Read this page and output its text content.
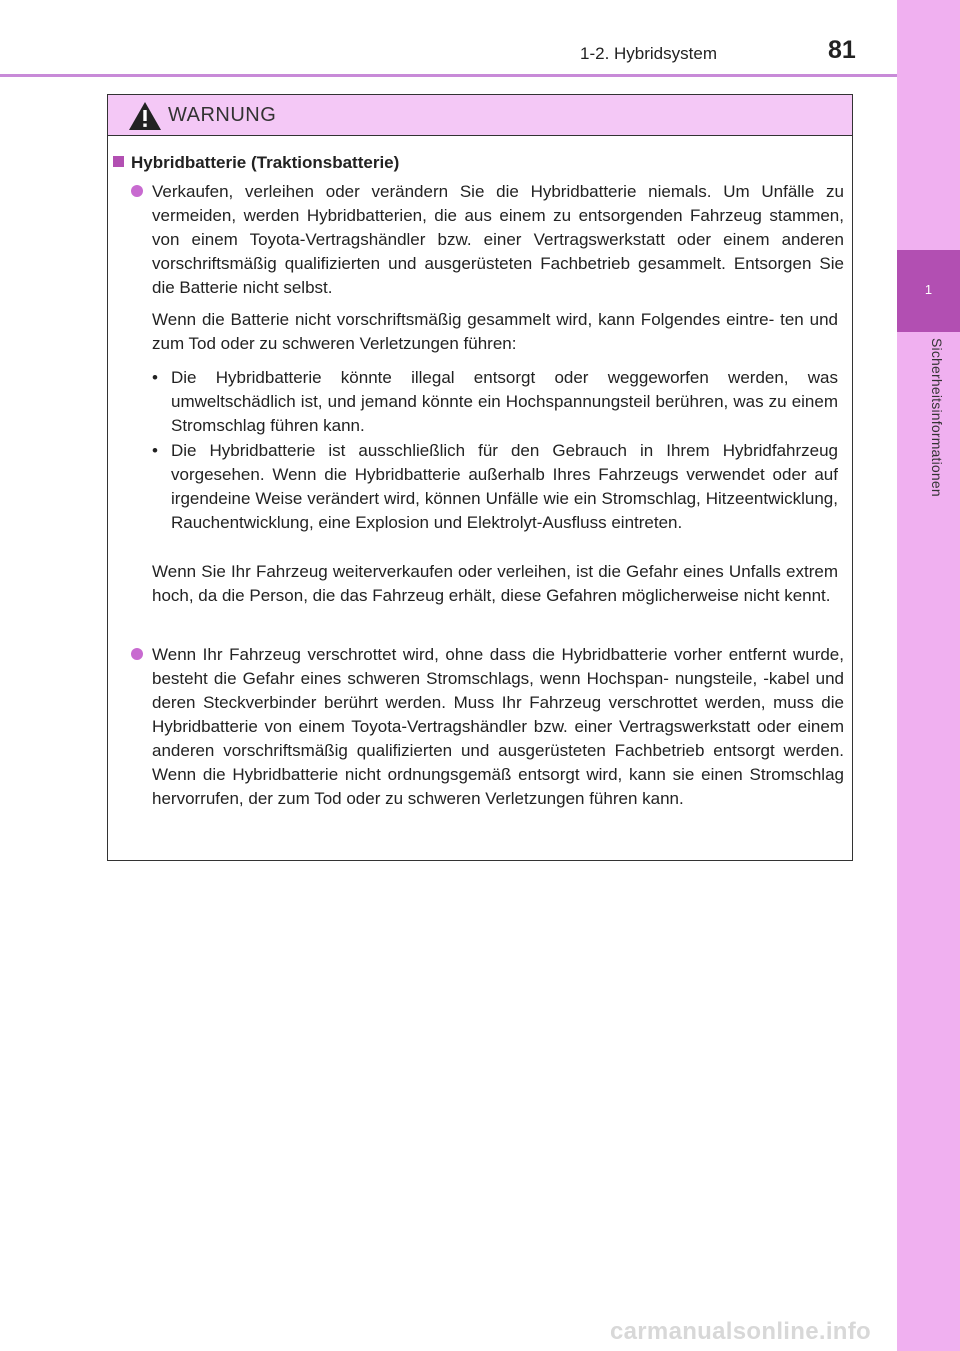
1
Sicherheitsinformationen
1-2. Hybridsystem	81
WARNUNG
Hybridbatterie (Traktionsbatterie)
Verkaufen, verleihen oder verändern Sie die Hybridbatterie niemals. Um Unfälle zu vermeiden, werden Hybridbatterien, die aus einem zu entsorgenden Fahrzeug stammen, von einem Toyota-Vertragshändler bzw. einer Vertragswerkstatt oder einem anderen vorschriftsmäßig qualifizierten und ausgerüsteten Fachbetrieb gesammelt. Entsorgen Sie die Batterie nicht selbst.
Wenn die Batterie nicht vorschriftsmäßig gesammelt wird, kann Folgendes eintre- ten und zum Tod oder zu schweren Verletzungen führen:
• Die Hybridbatterie könnte illegal entsorgt oder weggeworfen werden, was umweltschädlich ist, und jemand könnte ein Hochspannungsteil berühren, was zu einem Stromschlag führen kann.
• Die Hybridbatterie ist ausschließlich für den Gebrauch in Ihrem Hybridfahrzeug vorgesehen. Wenn die Hybridbatterie außerhalb Ihres Fahrzeugs verwendet oder auf irgendeine Weise verändert wird, können Unfälle wie ein Stromschlag, Hitzeentwicklung, Rauchentwicklung, eine Explosion und Elektrolyt-Ausfluss eintreten.
Wenn Sie Ihr Fahrzeug weiterverkaufen oder verleihen, ist die Gefahr eines Unfalls extrem hoch, da die Person, die das Fahrzeug erhält, diese Gefahren möglicherweise nicht kennt.
Wenn Ihr Fahrzeug verschrottet wird, ohne dass die Hybridbatterie vorher entfernt wurde, besteht die Gefahr eines schweren Stromschlags, wenn Hochspan- nungsteile, -kabel und deren Steckverbinder berührt werden. Muss Ihr Fahrzeug verschrottet werden, muss die Hybridbatterie von einem Toyota-Vertragshändler bzw. einer Vertragswerkstatt oder einem anderen vorschriftsmäßig qualifizierten und ausgerüsteten Fachbetrieb entsorgt werden. Wenn die Hybridbatterie nicht ordnungsgemäß entsorgt wird, kann sie einen Stromschlag hervorrufen, der zum Tod oder zu schweren Verletzungen führen kann.
carmanualsonline.info
